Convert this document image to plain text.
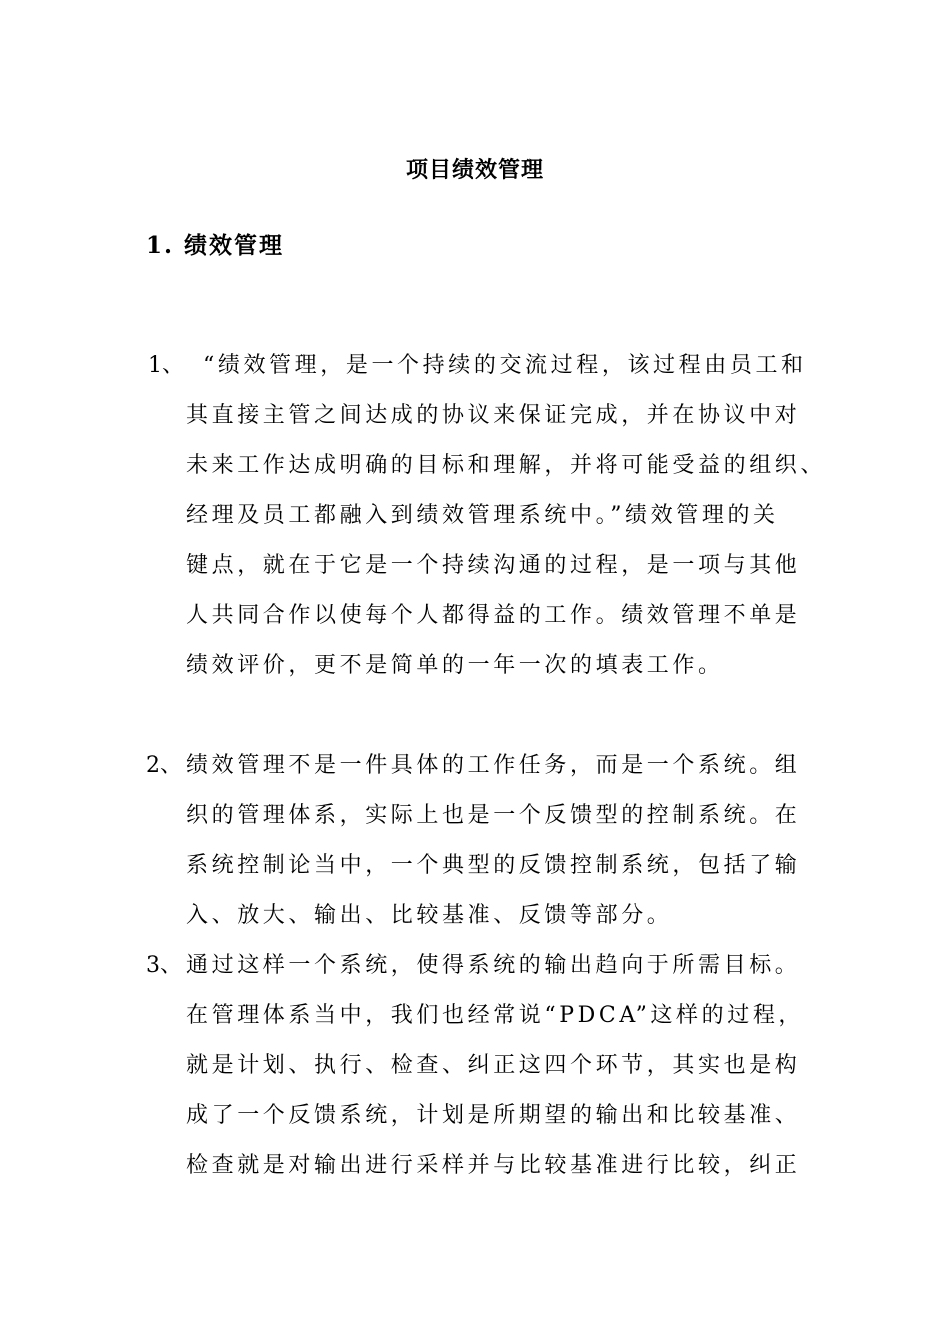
项目绩效管理
1. 绩效管理
1、 “绩效管理，是一个持续的交流过程，该过程由员工和
其直接主管之间达成的协议来保证完成，并在协议中对
未来工作达成明确的目标和理解，并将可能受益的组织、
经理及员工都融入到绩效管理系统中。”绩效管理的关
键点，就在于它是一个持续沟通的过程，是一项与其他
人共同合作以使每个人都得益的工作。绩效管理不单是
绩效评价，更不是简单的一年一次的填表工作。
2、 绩效管理不是一件具体的工作任务，而是一个系统。组
织的管理体系，实际上也是一个反馈型的控制系统。在
系统控制论当中，一个典型的反馈控制系统，包括了输
入、放大、输出、比较基准、反馈等部分。
3、 通过这样一个系统，使得系统的输出趋向于所需目标。
在管理体系当中，我们也经常说“PDCA”这样的过程，
就是计划、执行、检查、纠正这四个环节，其实也是构
成了一个反馈系统，计划是所期望的输出和比较基准、
检查就是对输出进行采样并与比较基准进行比较，纠正
